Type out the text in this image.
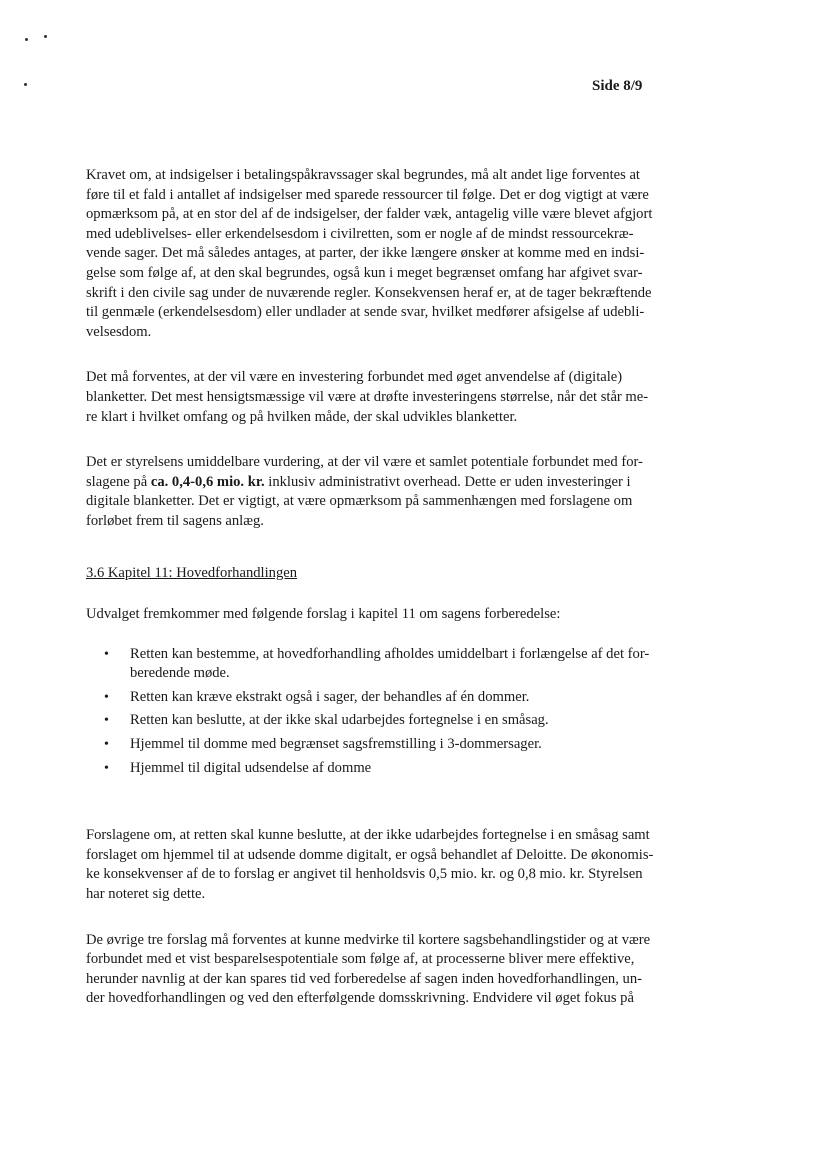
Side 8/9

Kravet om, at indsigelser i betalingspåkravssager skal begrundes, må alt andet lige forventes at
føre til et fald i antallet af indsigelser med sparede ressourcer til følge. Det er dog vigtigt at være
opmærksom på, at en stor del af de indsigelser, der falder væk, antagelig ville være blevet afgjort
med udeblivelses- eller erkendelsesdom i civilretten, som er nogle af de mindst ressourcekræ-
vende sager. Det må således antages, at parter, der ikke længere ønsker at komme med en indsi-
gelse som følge af, at den skal begrundes, også kun i meget begrænset omfang har afgivet svar-
skrift i den civile sag under de nuværende regler. Konsekvensen heraf er, at de tager bekræftende
til genmæle (erkendelsesdom) eller undlader at sende svar, hvilket medfører afsigelse af udebli-
velsesdom.

Det må forventes, at der vil være en investering forbundet med øget anvendelse af (digitale)
blanketter. Det mest hensigtsmæssige vil være at drøfte investeringens størrelse, når det står me-
re klart i hvilket omfang og på hvilken måde, der skal udvikles blanketter.

Det er styrelsens umiddelbare vurdering, at der vil være et samlet potentiale forbundet med for-
slagene på ca. 0,4-0,6 mio. kr. inklusiv administrativt overhead. Dette er uden investeringer i
digitale blanketter. Det er vigtigt, at være opmærksom på sammenhængen med forslagene om
forløbet frem til sagens anlæg.

3.6 Kapitel 11: Hovedforhandlingen

Udvalget fremkommer med følgende forslag i kapitel 11 om sagens forberedelse:

• Retten kan bestemme, at hovedforhandling afholdes umiddelbart i forlængelse af det for-
beredende møde.
• Retten kan kræve ekstrakt også i sager, der behandles af én dommer.
• Retten kan beslutte, at der ikke skal udarbejdes fortegnelse i en småsag.
• Hjemmel til domme med begrænset sagsfremstilling i 3-dommersager.
• Hjemmel til digital udsendelse af domme

Forslagene om, at retten skal kunne beslutte, at der ikke udarbejdes fortegnelse i en småsag samt
forslaget om hjemmel til at udsende domme digitalt, er også behandlet af Deloitte. De økonomis-
ke konsekvenser af de to forslag er angivet til henholdsvis 0,5 mio. kr. og 0,8 mio. kr. Styrelsen
har noteret sig dette.

De øvrige tre forslag må forventes at kunne medvirke til kortere sagsbehandlingstider og at være
forbundet med et vist besparelsespotentiale som følge af, at processerne bliver mere effektive,
herunder navnlig at der kan spares tid ved forberedelse af sagen inden hovedforhandlingen, un-
der hovedforhandlingen og ved den efterfølgende domsskrivning. Endvidere vil øget fokus på
